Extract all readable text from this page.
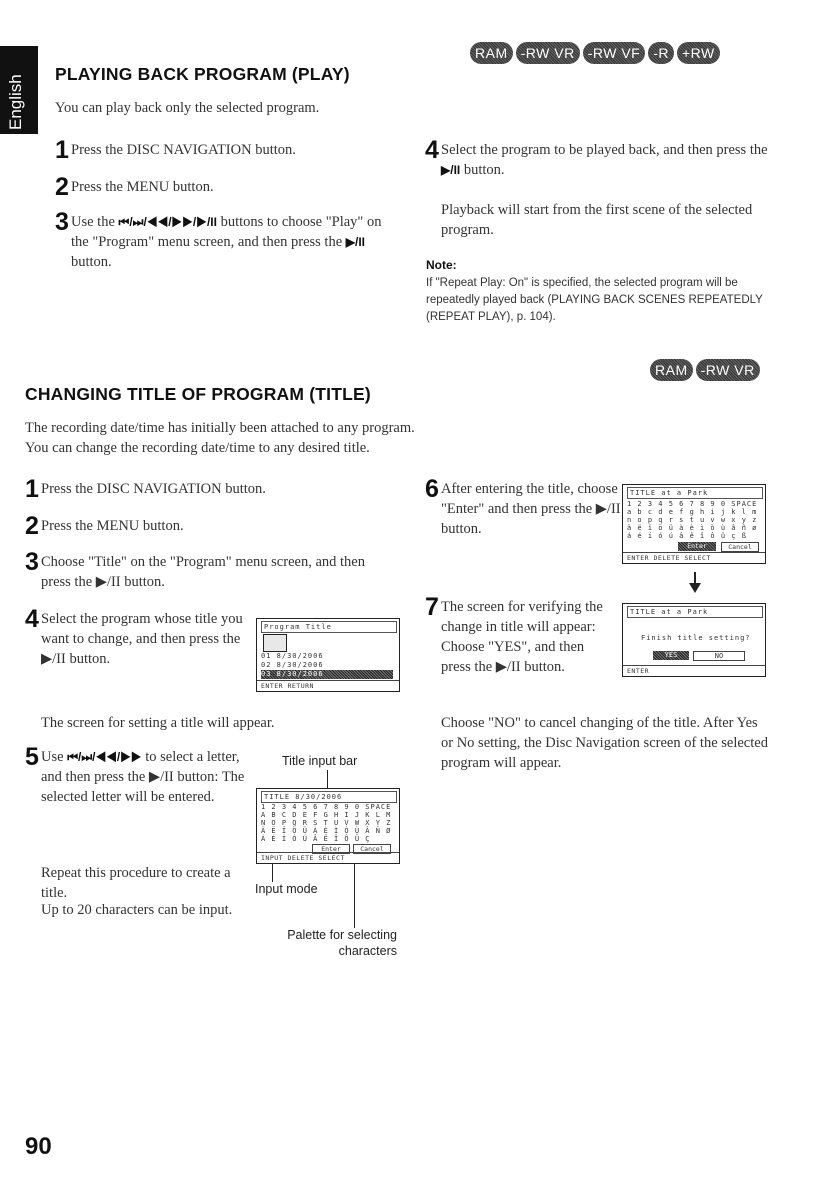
English
RAM -RW VR -RW VF -R +RW
PLAYING BACK PROGRAM (PLAY)
You can play back only the selected program.
1 Press the DISC NAVIGATION button.
2 Press the MENU button.
3 Use the ⏮/⏭/◀◀/▶▶/▶/II buttons to choose "Play" on the "Program" menu screen, and then press the ▶/II button.
4 Select the program to be played back, and then press the ▶/II button.
Playback will start from the first scene of the selected program.
Note:
If "Repeat Play: On" is specified, the selected program will be repeatedly played back (PLAYING BACK SCENES REPEATEDLY (REPEAT PLAY), p. 104).
RAM -RW VR
CHANGING TITLE OF PROGRAM (TITLE)
The recording date/time has initially been attached to any program.
You can change the recording date/time to any desired title.
1 Press the DISC NAVIGATION button.
2 Press the MENU button.
3 Choose "Title" on the "Program" menu screen, and then press the ▶/II button.
4 Select the program whose title you want to change, and then press the ▶/II button.
Program Title
01 8/30/2006
02 8/30/2006
03 8/30/2006
ENTER RETURN
The screen for setting a title will appear.
5 Use ⏮/⏭/◀◀/▶▶ to select a letter, and then press the ▶/II button: The selected letter will be entered.
Repeat this procedure to create a title.
Up to 20 characters can be input.
Title input bar
TITLE 8/30/2006
1 2 3 4 5 6 7 8 9 0 SPACE
A B C D E F G H I J K L M
N O P Q R S T U V W X Y Z
Ä Ë Ï Ö Ü À È Ì Ò Ù Â Ñ Ø
Á É Í Ó Ú Â Ê Î Ô Û Ç
Enter	Cancel
INPUT DELETE SELECT
Input mode
Palette for selecting characters
6 After entering the title, choose "Enter" and then press the ▶/II button.
TITLE at a Park
1 2 3 4 5 6 7 8 9 0 SPACE
a b c d e f g h i j k l m
n o p q r s t u v w x y z
ä ë ï ö ü à è ì ò ù â ñ ø
á é í ó ú â ê î ô û ç ß
Enter	Cancel
ENTER DELETE SELECT
7 The screen for verifying the change in title will appear: Choose "YES", and then press the ▶/II button.
TITLE at a Park
Finish title setting?
YES	NO
ENTER
Choose "NO" to cancel changing of the title. After Yes or No setting, the Disc Navigation screen of the selected program will appear.
90
